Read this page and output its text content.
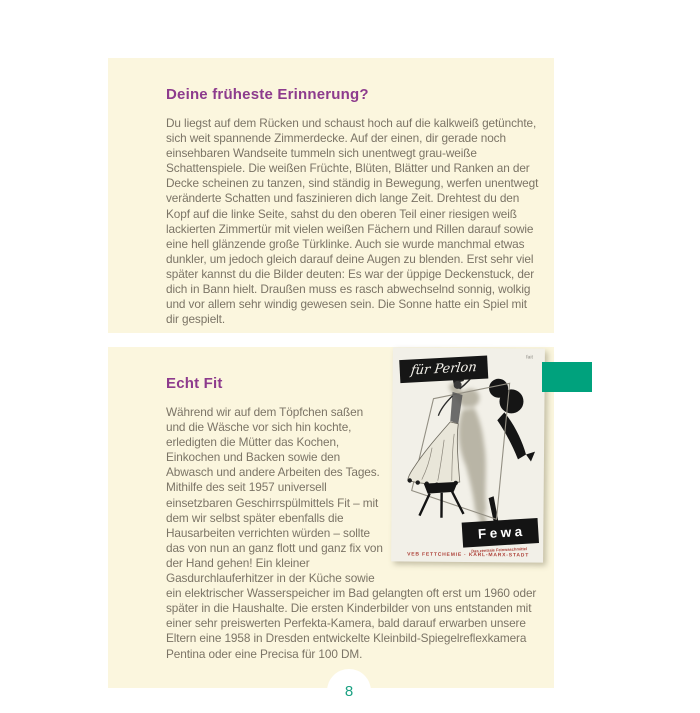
Deine früheste Erinnerung?

Du liegst auf dem Rücken und schaust hoch auf die kalkweiß getünchte, sich weit spannende Zimmerdecke. Auf der einen, dir gerade noch einsehbaren Wandseite tummeln sich unentwegt grau-weiße Schattenspiele. Die weißen Früchte, Blüten, Blätter und Ranken an der Decke scheinen zu tanzen, sind ständig in Bewegung, werfen unentwegt veränderte Schatten und faszinieren dich lange Zeit. Drehtest du den Kopf auf die linke Seite, sahst du den oberen Teil einer riesigen weiß lackierten Zimmertür mit vielen weißen Fächern und Rillen darauf sowie eine hell glänzende große Türklinke. Auch sie wurde manchmal etwas dunkler, um jedoch gleich darauf deine Augen zu blenden. Erst sehr viel später kannst du die Bilder deuten: Es war der üppige Deckenstuck, der dich in Bann hielt. Draußen muss es rasch abwechselnd sonnig, wolkig und vor allem sehr windig gewesen sein. Die Sonne hatte ein Spiel mit dir gespielt.

für Perlon
fait
Fewa
Das zentrale Feinwaschmittel
VEB FETTCHEMIE · KARL-MARX-STADT
Echt Fit

Während wir auf dem Töpfchen saßen und die Wäsche vor sich hin kochte, erledigten die Mütter das Kochen, Einkochen und Backen sowie den Abwasch und andere Arbeiten des Tages. Mithilfe des seit 1957 universell einsetzbaren Geschirrspülmittels Fit – mit dem wir selbst später ebenfalls die Hausarbeiten verrichten würden – sollte das von nun an ganz flott und ganz fix von der Hand gehen! Ein kleiner Gasdurchlauferhitzer in der Küche sowie ein elektrischer Wasserspeicher im Bad gelangten oft erst um 1960 oder später in die Haushalte. Die ersten Kinderbilder von uns entstanden mit einer sehr preiswerten Perfekta-Kamera, bald darauf erwarben unsere Eltern eine 1958 in Dresden entwickelte Kleinbild-Spiegelreflexkamera Pentina oder eine Precisa für 100 DM.

8
